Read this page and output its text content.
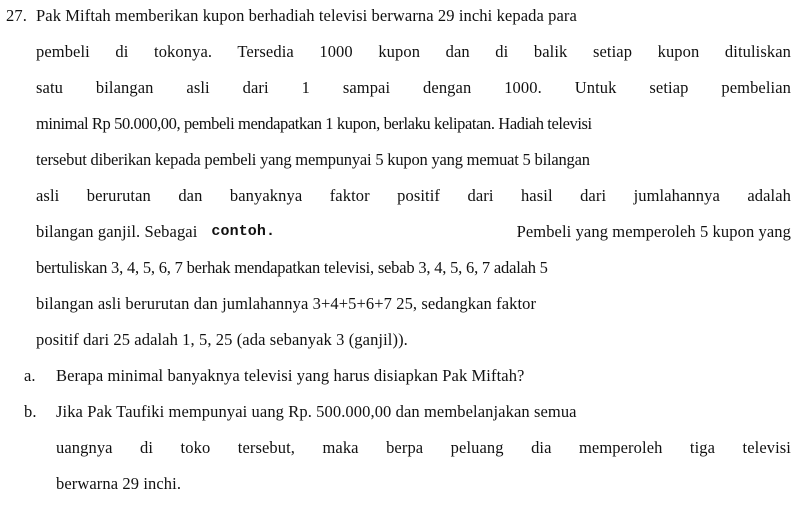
27. Pak Miftah memberikan kupon berhadiah televisi berwarna 29 inchi kepada para
pembeli di tokonya. Tersedia 1000 kupon dan di balik setiap kupon dituliskan
satu bilangan asli dari 1 sampai dengan 1000. Untuk setiap pembelian
minimal Rp 50.000,00, pembeli mendapatkan 1 kupon, berlaku kelipatan. Hadiah televisi
tersebut diberikan kepada pembeli yang mempunyai 5 kupon yang memuat 5 bilangan
asli berurutan dan banyaknya faktor positif dari hasil dari jumlahannya adalah
bilangan ganjil. Sebagai contoh.	Pembeli yang memperoleh 5 kupon yang
bertuliskan 3, 4, 5, 6, 7 berhak mendapatkan televisi, sebab 3, 4, 5, 6, 7 adalah 5
bilangan asli berurutan dan jumlahannya 3+4+5+6+7 25, sedangkan faktor
positif dari 25 adalah 1, 5, 25 (ada sebanyak 3 (ganjil)).
a. Berapa minimal banyaknya televisi yang harus disiapkan Pak Miftah?
b. Jika Pak Taufiki mempunyai uang Rp. 500.000,00 dan membelanjakan semua
uangnya di toko tersebut, maka berpa peluang dia memperoleh tiga televisi
berwarna 29 inchi.
